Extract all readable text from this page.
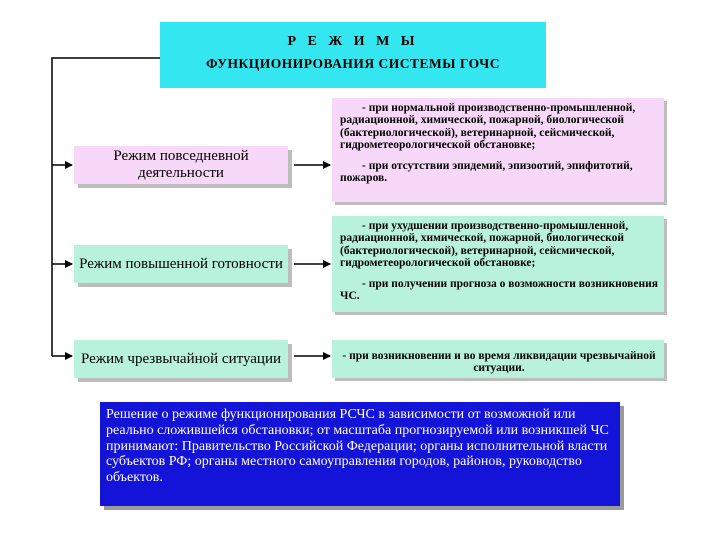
Р Е Ж И М Ы
ФУНКЦИОНИРОВАНИЯ СИСТЕМЫ ГОЧС
Режим повседневной деятельности

- при нормальной производственно-промышленной, радиационной, химической, пожарной, биологической (бактериологической), ветеринарной, сейсмической, гидрометеорологической обстановке;

- при отсутствии эпидемий, эпизоотий, эпифитотий, пожаров.

Режим повышенной готовности

- при ухудшении производственно-промышленной, радиационной, химической, пожарной, биологической (бактериологической), ветеринарной, сейсмической, гидрометеорологической обстановке;

- при получении прогноза о возможности возникновения ЧС.

Режим чрезвычайной ситуации	- при возникновении и во время ликвидации чрезвычайной ситуации.

Решение о режиме функционирования РСЧС в зависимости от возможной или реально сложившейся обстановки; от масштаба прогнозируемой или возникшей ЧС принимают: Правительство Российской Федерации; органы исполнительной власти субъектов РФ; органы местного самоуправления городов, районов, руководство объектов.
